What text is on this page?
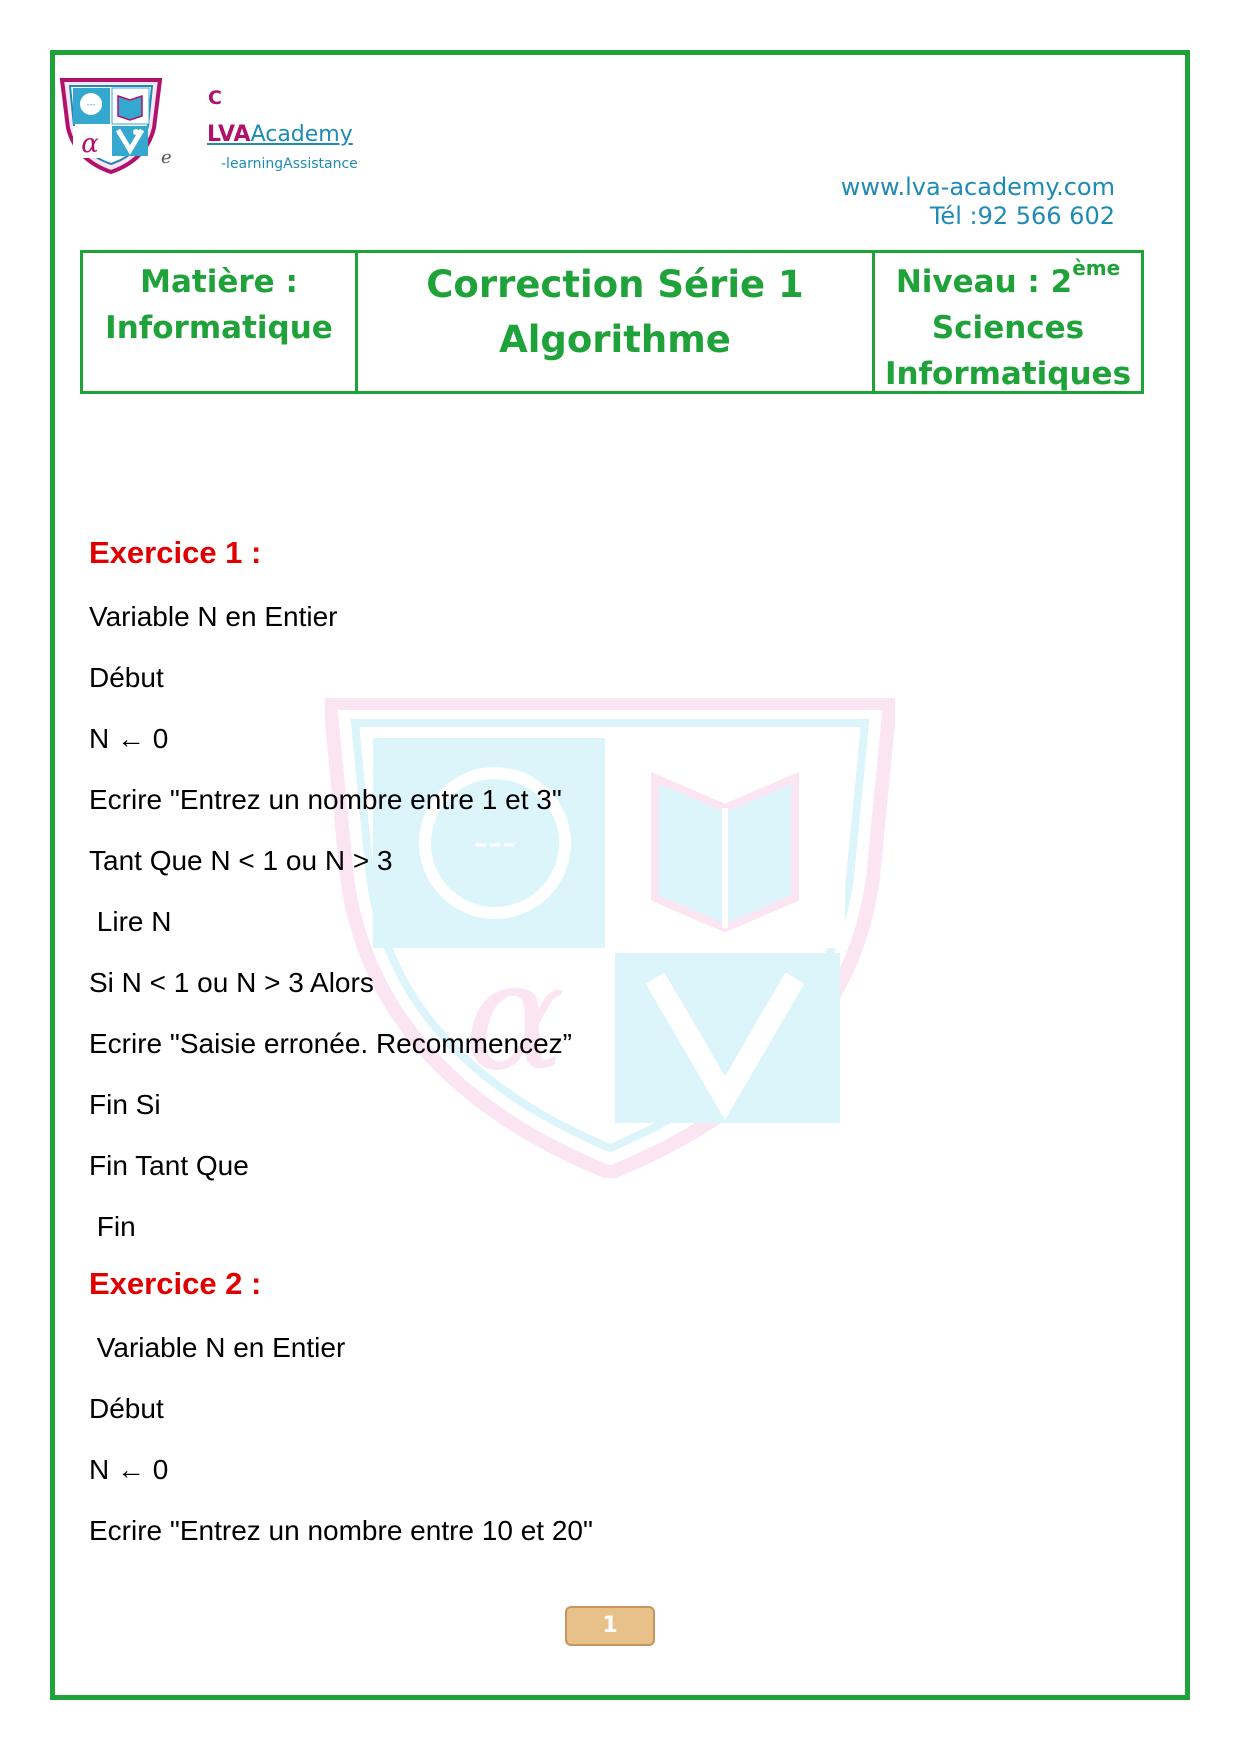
---
α	e
C
LVAAcademy
-learningAssistance
www.lva-academy.com
Tél :92 566 602
Matière :
Informatique
Correction Série 1
Algorithme
Niveau : 2ème
Sciences
Informatiques
---
α
Exercice 1 :
Variable N en Entier
Début
N ← 0
Ecrire "Entrez un nombre entre 1 et 3"
Tant Que N < 1 ou N > 3
Lire N
Si N < 1 ou N > 3 Alors
Ecrire "Saisie erronée. Recommencez”
Fin Si
Fin Tant Que
Fin
Exercice 2 :
Variable N en Entier
Début
N ← 0
Ecrire "Entrez un nombre entre 10 et 20"
1
